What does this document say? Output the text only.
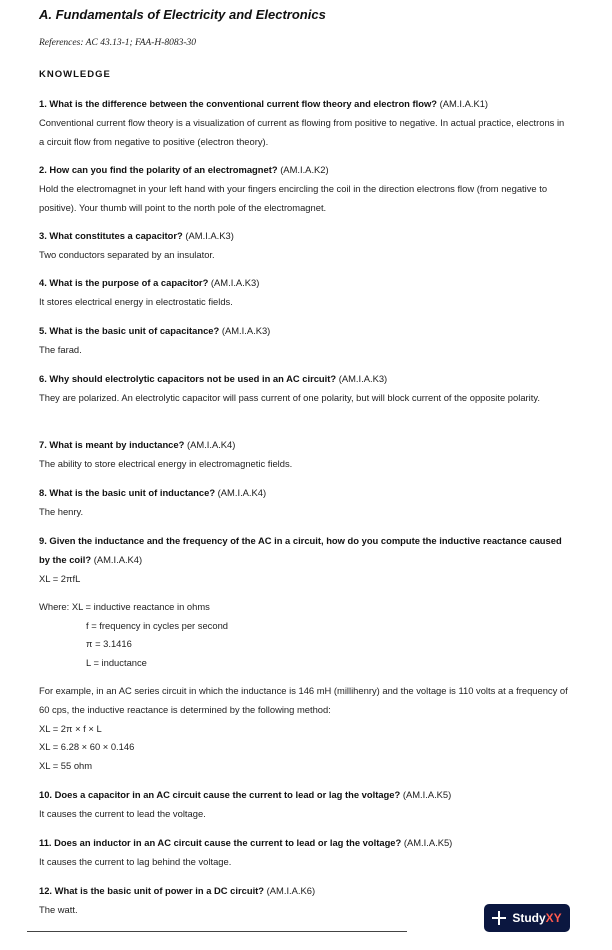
A. Fundamentals of Electricity and Electronics
References: AC 43.13-1; FAA-H-8083-30
KNOWLEDGE
1. What is the difference between the conventional current flow theory and electron flow? (AM.I.A.K1)
Conventional current flow theory is a visualization of current as flowing from positive to negative. In actual practice, electrons in a circuit flow from negative to positive (electron theory).
2. How can you find the polarity of an electromagnet? (AM.I.A.K2)
Hold the electromagnet in your left hand with your fingers encircling the coil in the direction electrons flow (from negative to positive). Your thumb will point to the north pole of the electromagnet.
3. What constitutes a capacitor? (AM.I.A.K3)
Two conductors separated by an insulator.
4. What is the purpose of a capacitor? (AM.I.A.K3)
It stores electrical energy in electrostatic fields.
5. What is the basic unit of capacitance? (AM.I.A.K3)
The farad.
6. Why should electrolytic capacitors not be used in an AC circuit? (AM.I.A.K3)
They are polarized. An electrolytic capacitor will pass current of one polarity, but will block current of the opposite polarity.
7. What is meant by inductance? (AM.I.A.K4)
The ability to store electrical energy in electromagnetic fields.
8. What is the basic unit of inductance? (AM.I.A.K4)
The henry.
9. Given the inductance and the frequency of the AC in a circuit, how do you compute the inductive reactance caused by the coil? (AM.I.A.K4)
XL = 2πfL
Where: XL = inductive reactance in ohms
f = frequency in cycles per second
π = 3.1416
L = inductance
For example, in an AC series circuit in which the inductance is 146 mH (millihenry) and the voltage is 110 volts at a frequency of 60 cps, the inductive reactance is determined by the following method:
XL = 2π × f × L
XL = 6.28 × 60 × 0.146
XL = 55 ohm
10. Does a capacitor in an AC circuit cause the current to lead or lag the voltage? (AM.I.A.K5)
It causes the current to lead the voltage.
11. Does an inductor in an AC circuit cause the current to lead or lag the voltage? (AM.I.A.K5)
It causes the current to lag behind the voltage.
12. What is the basic unit of power in a DC circuit? (AM.I.A.K6)
The watt.
StudyXY
